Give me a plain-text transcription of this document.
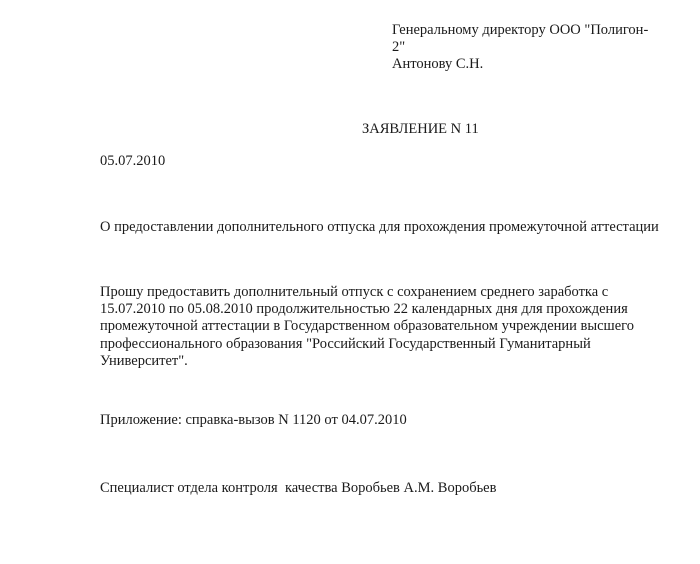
Генеральному директору ООО "Полигон-
2"
Антонову С.Н.
ЗАЯВЛЕНИЕ N 11
05.07.2010
О предоставлении дополнительного отпуска для прохождения промежуточной аттестации
Прошу предоставить дополнительный отпуск с сохранением среднего заработка с
15.07.2010 по 05.08.2010 продолжительностью 22 календарных дня для прохождения
промежуточной аттестации в Государственном образовательном учреждении высшего
профессионального образования "Российский Государственный Гуманитарный
Университет".
Приложение: справка-вызов N 1120 от 04.07.2010
Специалист отдела контроля  качества Воробьев А.М. Воробьев
